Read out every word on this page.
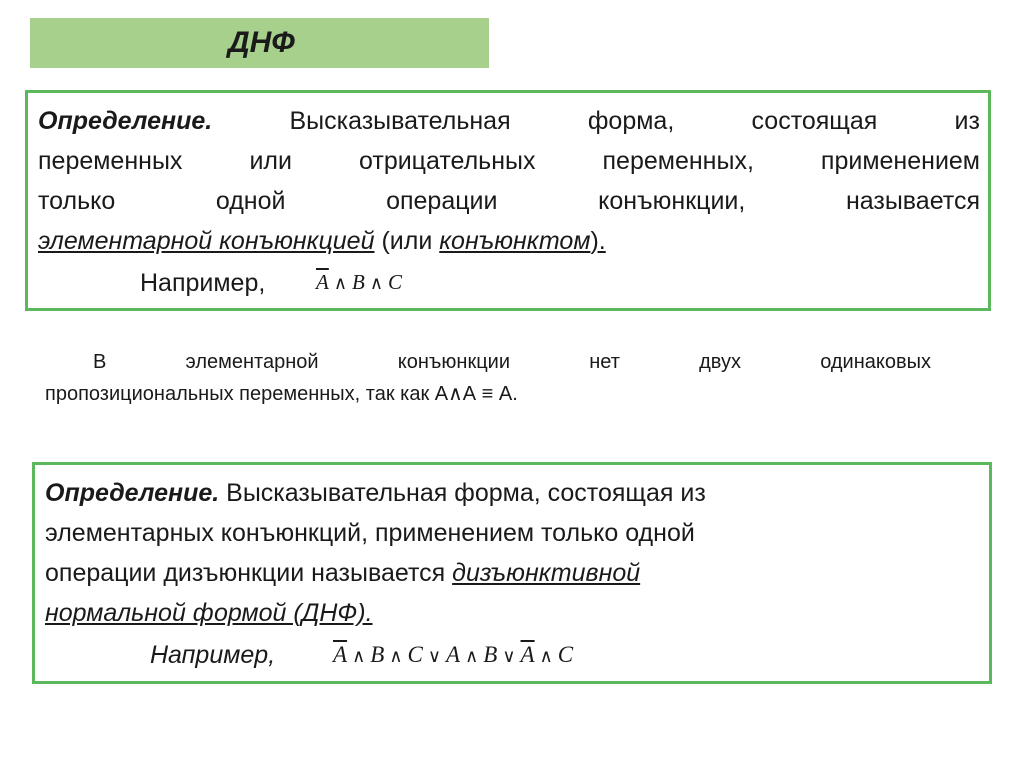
ДНФ
Определение.	Высказывательная форма, состоящая из
переменных или отрицательных переменных, применением
только одной операции конъюнкции, называется
элементарной конъюнкцией (или конъюнктом).
Например, $\overline{A}$ ∧ B ∧ C
В элементарной конъюнкции нет двух одинаковых
пропозициональных переменных, так как А∧А ≡ А.
Определение. Высказывательная форма, состоящая из
элементарных конъюнкций, применением только одной
операции дизъюнкции называется дизъюнктивной
нормальной формой (ДНФ).
Например,	$\overline{A}$ ∧ B ∧ C ∨ A ∧ B ∨ $\overline{A}$ ∧ C
